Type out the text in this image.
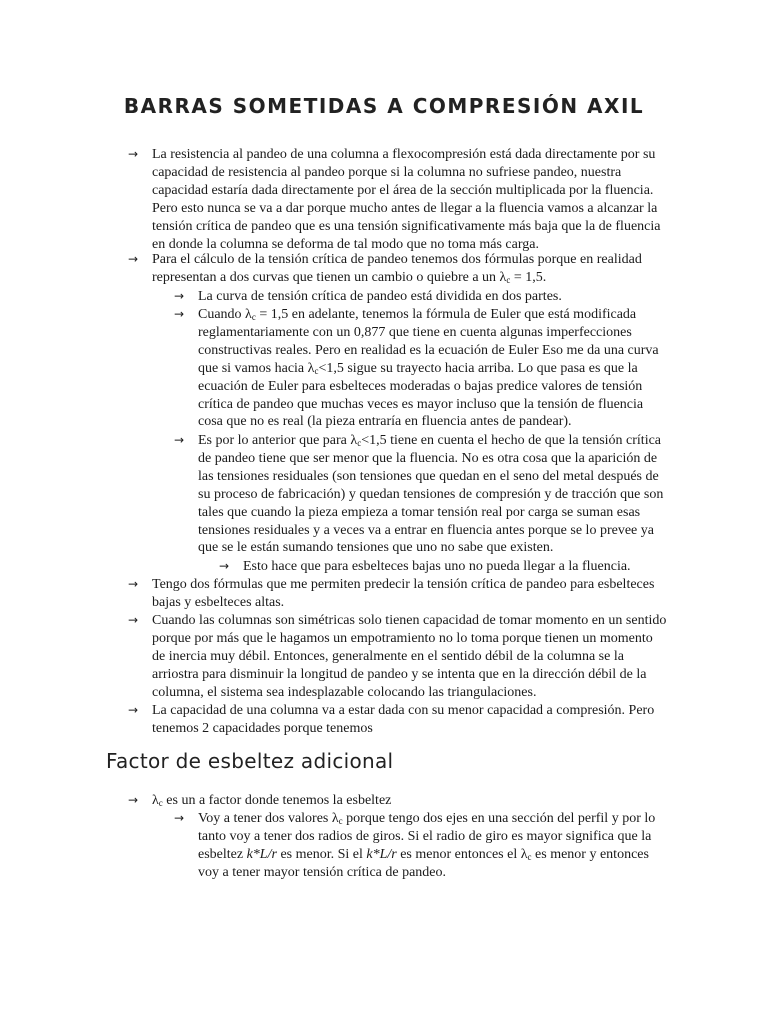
BARRAS SOMETIDAS A COMPRESIÓN AXIL
→ La resistencia al pandeo de una columna a flexocompresión está dada directamente por su
capacidad de resistencia al pandeo porque si la columna no sufriese pandeo, nuestra
capacidad estaría dada directamente por el área de la sección multiplicada por la fluencia.
Pero esto nunca se va a dar porque mucho antes de llegar a la fluencia vamos a alcanzar la
tensión crítica de pandeo que es una tensión significativamente más baja que la de fluencia
en donde la columna se deforma de tal modo que no toma más carga.
→ Para el cálculo de la tensión crítica de pandeo tenemos dos fórmulas porque en realidad
representan a dos curvas que tienen un cambio o quiebre a un $\lambda_c = 1,5$.
→ La curva de tensión crítica de pandeo está dividida en dos partes.
→ Cuando $\lambda_c = 1,5$ en adelante, tenemos la fórmula de Euler que está modificada
reglamentariamente con un 0,877 que tiene en cuenta algunas imperfecciones
constructivas reales. Pero en realidad es la ecuación de Euler Eso me da una curva
que si vamos hacia $\lambda_c<1,5$ sigue su trayecto hacia arriba. Lo que pasa es que la
ecuación de Euler para esbelteces moderadas o bajas predice valores de tensión
crítica de pandeo que muchas veces es mayor incluso que la tensión de fluencia
cosa que no es real (la pieza entraría en fluencia antes de pandear).
→ Es por lo anterior que para $\lambda_c<1,5$ tiene en cuenta el hecho de que la tensión crítica
de pandeo tiene que ser menor que la fluencia. No es otra cosa que la aparición de
las tensiones residuales (son tensiones que quedan en el seno del metal después de
su proceso de fabricación) y quedan tensiones de compresión y de tracción que son
tales que cuando la pieza empieza a tomar tensión real por carga se suman esas
tensiones residuales y a veces va a entrar en fluencia antes porque se lo prevee ya
que se le están sumando tensiones que uno no sabe que existen.
→ Esto hace que para esbelteces bajas uno no pueda llegar a la fluencia.
→ Tengo dos fórmulas que me permiten predecir la tensión crítica de pandeo para esbelteces
bajas y esbelteces altas.
→ Cuando las columnas son simétricas solo tienen capacidad de tomar momento en un sentido
porque por más que le hagamos un empotramiento no lo toma porque tienen un momento
de inercia muy débil. Entonces, generalmente en el sentido débil de la columna se la
arriostra para disminuir la longitud de pandeo y se intenta que en la dirección débil de la
columna, el sistema sea indesplazable colocando las triangulaciones.
→ La capacidad de una columna va a estar dada con su menor capacidad a compresión. Pero
tenemos 2 capacidades porque tenemos
Factor de esbeltez adicional
→ $\lambda_c$ es un a factor donde tenemos la esbeltez
→ Voy a tener dos valores $\lambda_c$ porque tengo dos ejes en una sección del perfil y por lo
tanto voy a tener dos radios de giros. Si el radio de giro es mayor significa que la
esbeltez k*L/r es menor. Si el k*L/r es menor entonces el $\lambda_c$ es menor y entonces
voy a tener mayor tensión crítica de pandeo.
